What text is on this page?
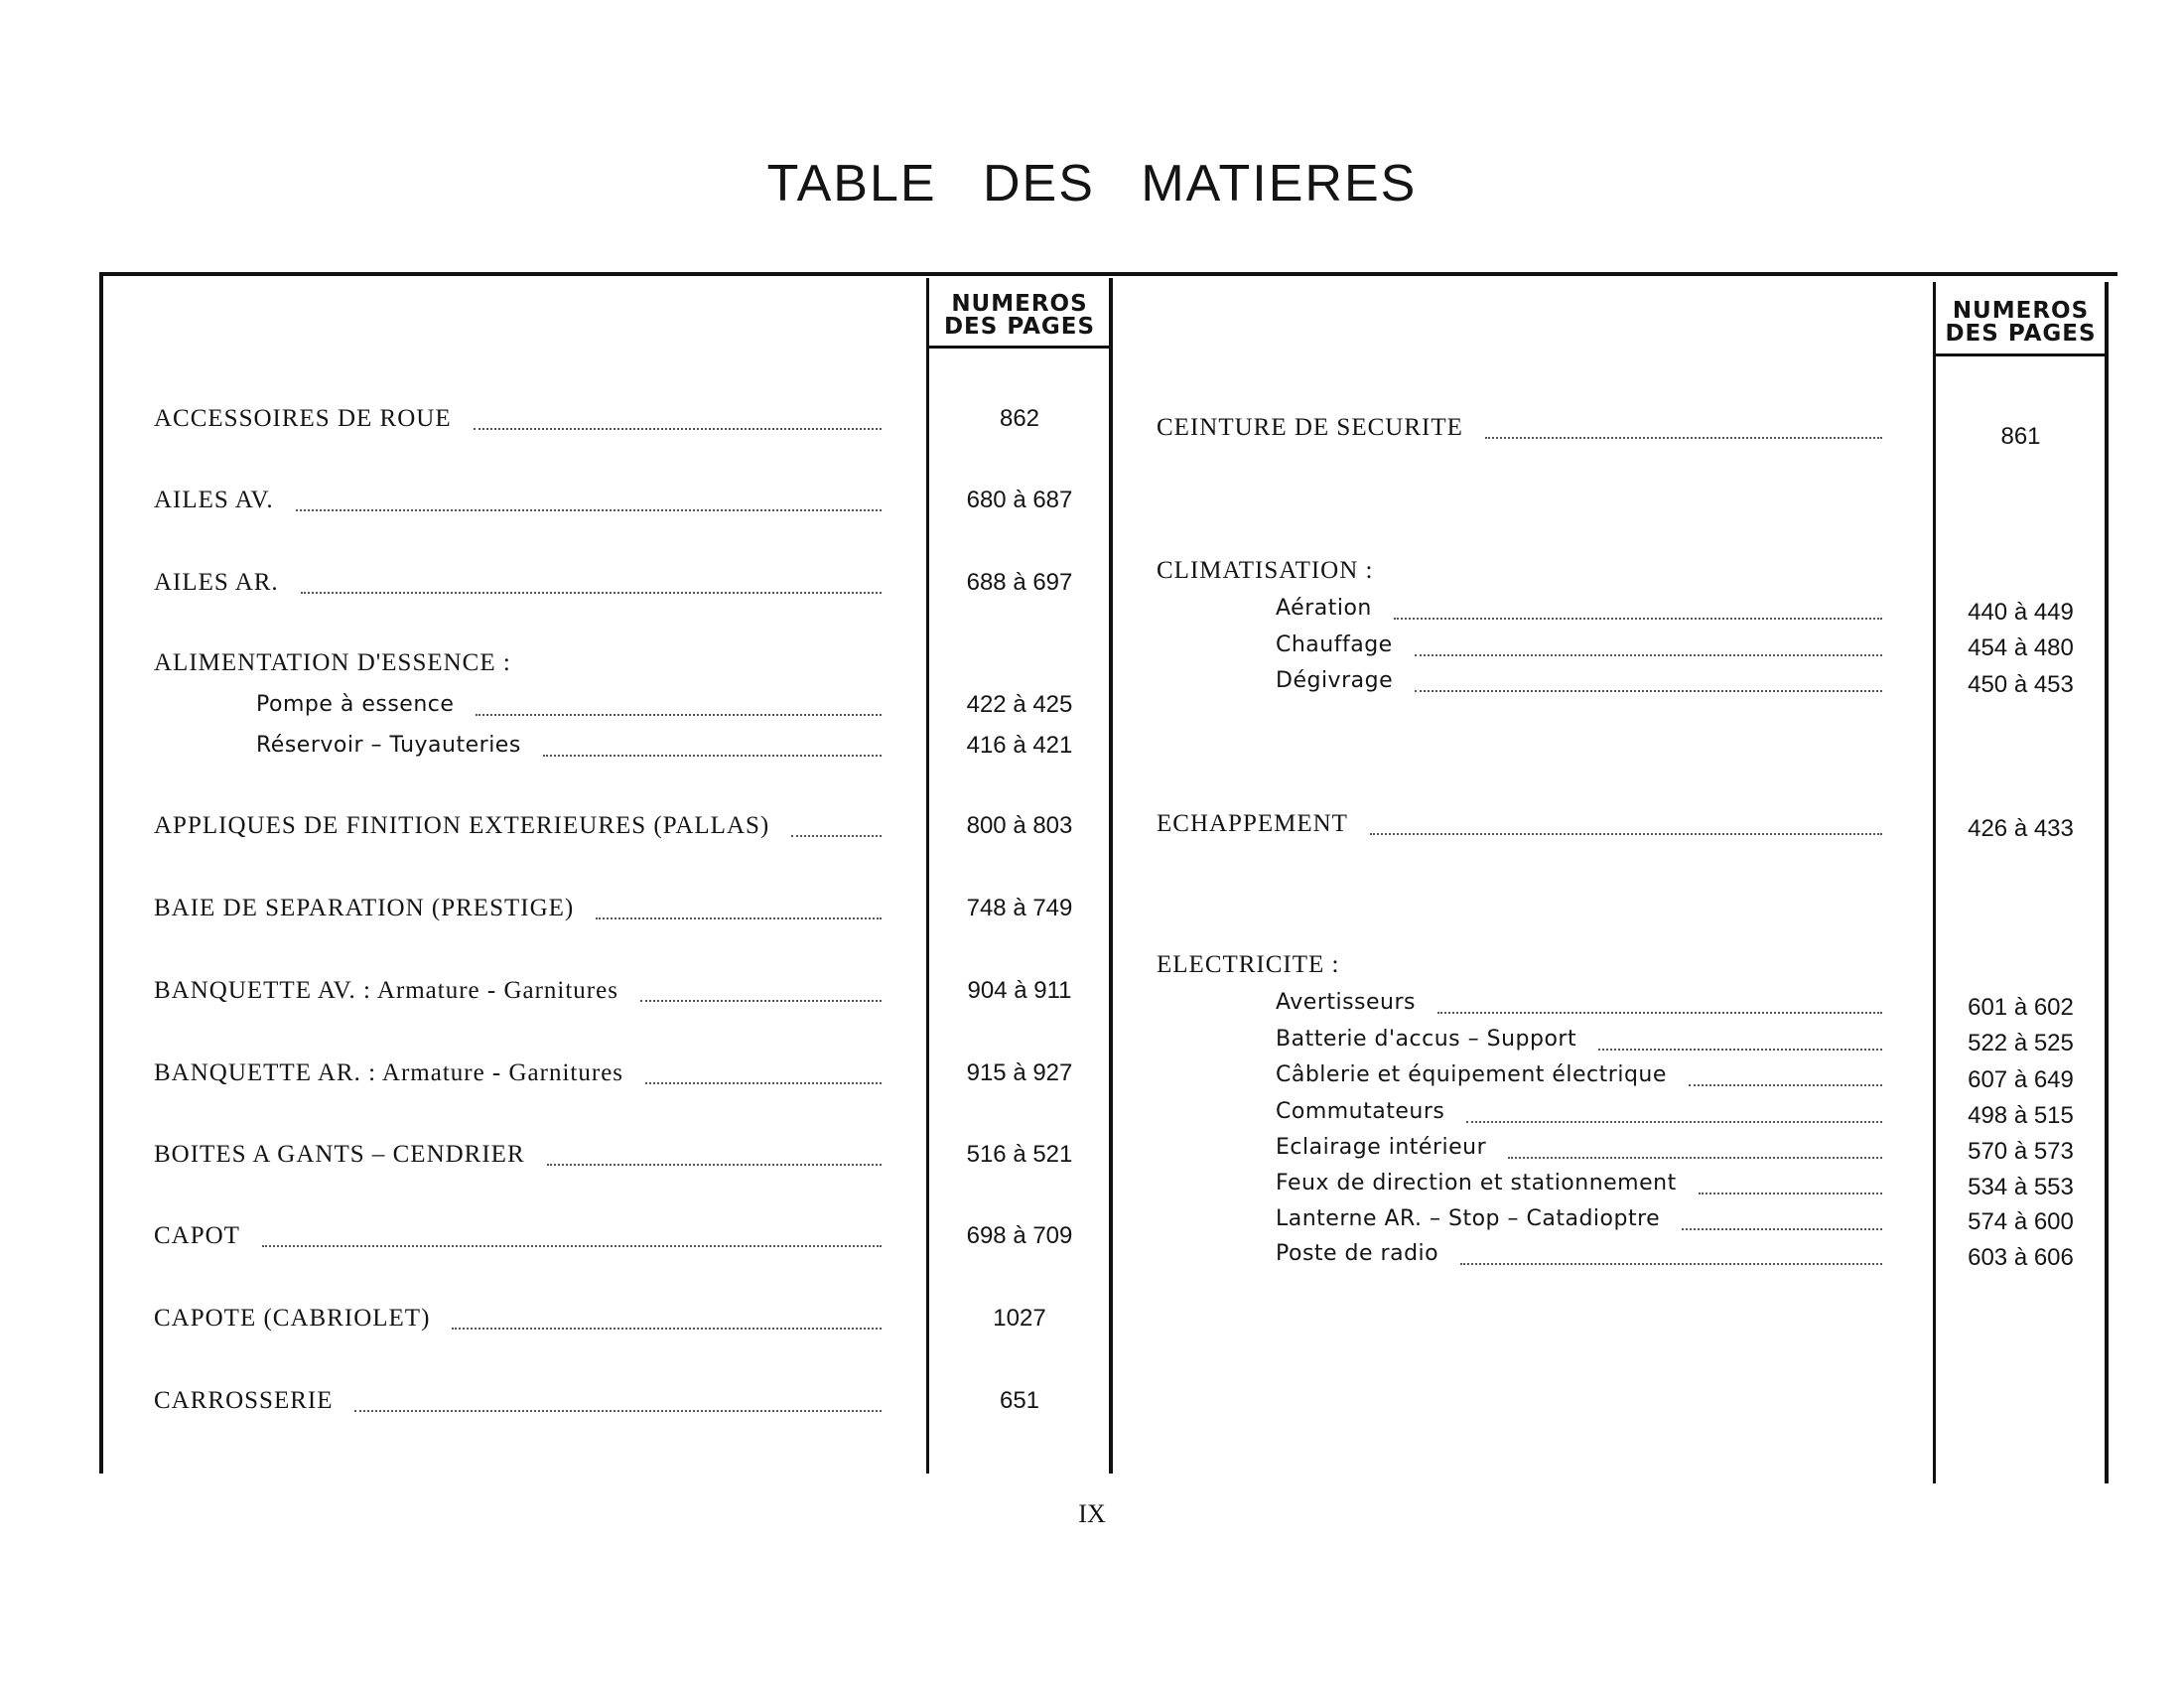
TABLE DES MATIERES
NUMEROS
DES PAGES
NUMEROS
DES PAGES
ACCESSOIRES DE ROUE	862
AILES AV.	680 à 687
AILES AR.	688 à 697
ALIMENTATION D'ESSENCE :
Pompe à essence	422 à 425
Réservoir – Tuyauteries	416 à 421
APPLIQUES DE FINITION EXTERIEURES (PALLAS)	800 à 803
BAIE DE SEPARATION (PRESTIGE)	748 à 749
BANQUETTE AV. : Armature - Garnitures	904 à 911
BANQUETTE AR. : Armature - Garnitures	915 à 927
BOITES A GANTS – CENDRIER	516 à 521
CAPOT	698 à 709
CAPOTE (CABRIOLET)	1027
CARROSSERIE	651
CEINTURE DE SECURITE	861
CLIMATISATION :
Aération	440 à 449
Chauffage	454 à 480
Dégivrage	450 à 453
ECHAPPEMENT	426 à 433
ELECTRICITE :
Avertisseurs	601 à 602
Batterie d'accus – Support	522 à 525
Câblerie et équipement électrique	607 à 649
Commutateurs	498 à 515
Eclairage intérieur	570 à 573
Feux de direction et stationnement	534 à 553
Lanterne AR. – Stop – Catadioptre	574 à 600
Poste de radio	603 à 606
IX
